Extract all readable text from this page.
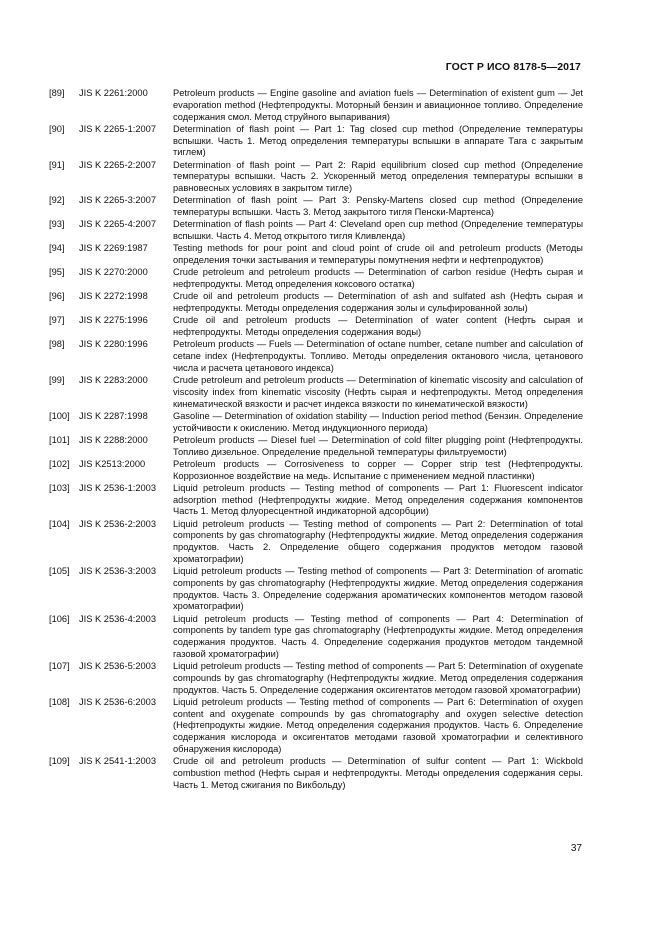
ГОСТ Р ИСО 8178-5—2017
[89]	JIS K 2261:2000	Petroleum products — Engine gasoline and aviation fuels — Determination of existent gum — Jet evaporation method (Нефтепродукты. Моторный бензин и авиационное топливо. Определение содержания смол. Метод струйного выпаривания)
[90]	JIS K 2265-1:2007	Determination of flash point — Part 1: Tag closed cup method (Определение температуры вспышки. Часть 1. Метод определения температуры вспышки в аппарате Тага с закрытым тиглем)
[91]	JIS K 2265-2:2007	Determination of flash point — Part 2: Rapid equilibrium closed cup method (Определение температуры вспышки. Часть 2. Ускоренный метод определения температуры вспышки в равновесных условиях в закрытом тигле)
[92]	JIS K 2265-3:2007	Determination of flash point — Part 3: Pensky-Martens closed cup method (Определение температуры вспышки. Часть 3. Метод закрытого тигля Пенски-Мартенса)
[93]	JIS K 2265-4:2007	Determination of flash points — Part 4: Cleveland open cup method (Определение температуры вспышки. Часть 4. Метод открытого тигля Кливленда)
[94]	JIS K 2269:1987	Testing methods for pour point and cloud point of crude oil and petroleum products (Методы определения точки застывания и температуры помутнения нефти и нефтепродуктов)
[95]	JIS K 2270:2000	Crude petroleum and petroleum products — Determination of carbon residue (Нефть сырая и нефтепродукты. Метод определения коксового остатка)
[96]	JIS K 2272:1998	Crude oil and petroleum products — Determination of ash and sulfated ash (Нефть сырая и нефтепродукты. Методы определения содержания золы и сульфированной золы)
[97]	JIS K 2275:1996	Crude oil and petroleum products — Determination of water content (Нефть сырая и нефтепродукты. Методы определения содержания воды)
[98]	JIS K 2280:1996	Petroleum products — Fuels — Determination of octane number, cetane number and calculation of cetane index (Нефтепродукты. Топливо. Методы определения октанового числа, цетанового числа и расчета цетанового индекса)
[99]	JIS K 2283:2000	Crude petroleum and petroleum products — Determination of kinematic viscosity and calculation of viscosity index from kinematic viscosity (Нефть сырая и нефтепродукты. Метод определения кинематической вязкости и расчет индекса вязкости по кинематической вязкости)
[100]	JIS K 2287:1998	Gasoline — Determination of oxidation stability — Induction period method (Бензин. Определение устойчивости к окислению. Метод индукционного периода)
[101]	JIS K 2288:2000	Petroleum products — Diesel fuel — Determination of cold filter plugging point (Нефтепродукты. Топливо дизельное. Определение предельной температуры фильтруемости)
[102]	JIS K2513:2000	Petroleum products — Corrosiveness to copper — Copper strip test (Нефтепродукты. Коррозионное воздействие на медь. Испытание с применением медной пластинки)
[103]	JIS K 2536-1:2003	Liquid petroleum products — Testing method of components — Part 1: Fluorescent indicator adsorption method (Нефтепродукты жидкие. Метод определения содержания компонентов Часть 1. Метод флуоресцентной индикаторной адсорбции)
[104]	JIS K 2536-2:2003	Liquid petroleum products — Testing method of components — Part 2: Determination of total components by gas chromatography (Нефтепродукты жидкие. Метод определения содержания продуктов. Часть 2. Определение общего содержания продуктов методом газовой хроматографии)
[105]	JIS K 2536-3:2003	Liquid petroleum products — Testing method of components — Part 3: Determination of aromatic components by gas chromatography (Нефтепродукты жидкие. Метод определения содержания продуктов. Часть 3. Определение содержания ароматических компонентов методом газовой хроматографии)
[106]	JIS K 2536-4:2003	Liquid petroleum products — Testing method of components — Part 4: Determination of components by tandem type gas chromatography (Нефтепродукты жидкие. Метод определения содержания продуктов. Часть 4. Определение содержания продуктов методом тандемной газовой хроматографии)
[107]	JIS K 2536-5:2003	Liquid petroleum products — Testing method of components — Part 5: Determination of oxygenate compounds by gas chromatography (Нефтепродукты жидкие. Метод определения содержания продуктов. Часть 5. Определение содержания оксигентатов методом газовой хроматографии)
[108]	JIS K 2536-6:2003	Liquid petroleum products — Testing method of components — Part 6: Determination of oxygen content and oxygenate compounds by gas chromatography and oxygen selective detection (Нефтепродукты жидкие. Метод определения содержания продуктов. Часть 6. Определение содержания кислорода и оксигентатов методами газовой хроматографии и селективного обнаружения кислорода)
[109]	JIS K 2541-1:2003	Crude oil and petroleum products — Determination of sulfur content — Part 1: Wickbold combustion method (Нефть сырая и нефтепродукты. Методы определения содержания серы. Часть 1. Метод сжигания по Викбольду)
37
